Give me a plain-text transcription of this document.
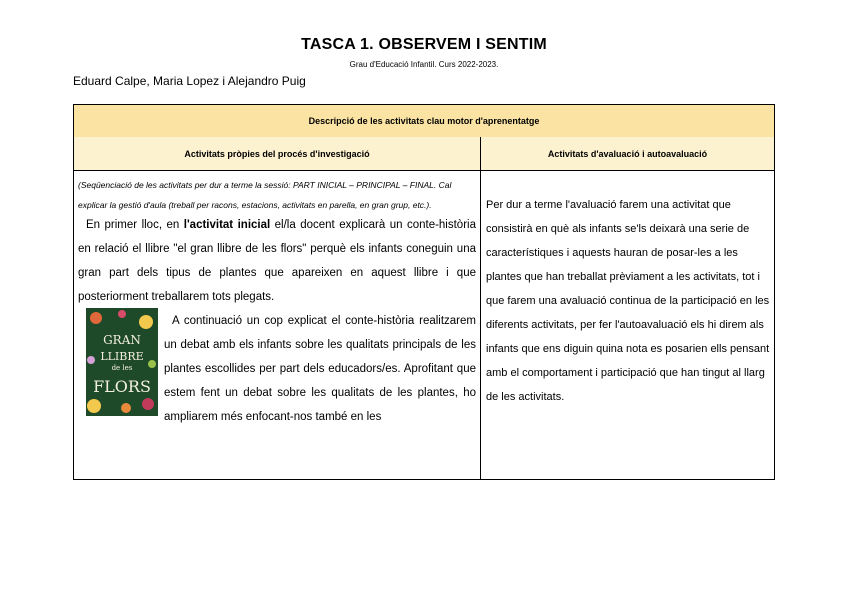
TASCA 1. OBSERVEM I SENTIM
Grau d'Educació Infantil. Curs 2022-2023.
Eduard Calpe, Maria Lopez i Alejandro Puig
Descripció de les activitats clau motor d'aprenentatge
Activitats pròpies del procés d'investigació	Activitats d'avaluació i autoavaluació

(Seqüenciació de les activitats per dur a terme la sessió: PART INICIAL – PRINCIPAL – FINAL. Cal explicar la gestió d'aula (treball per racons, estacions, activitats en parella, en gran grup, etc.).

En primer lloc, en l'activitat inicial el/la docent explicarà un conte-història en relació el llibre "el gran llibre de les flors" perquè els infants coneguin una gran part dels tipus de plantes que apareixen en aquest llibre i que posteriorment treballarem tots plegats.

A continuació un cop explicat el conte-història realitzarem un debat amb els infants sobre les qualitats principals de les plantes escollides per part dels educadors/es. Aprofitant que estem fent un debat sobre les qualitats de les plantes, ho ampliarem més enfocant-nos també en les

Per dur a terme l'avaluació farem una activitat que consistirà en què als infants se'ls deixarà una serie de característiques i aquests hauran de posar-les a les plantes que han treballat prèviament a les activitats, tot i que farem una avaluació continua de la participació en les diferents activitats, per fer l'autoavaluació els hi direm als infants que ens diguin quina nota es posarien ells pensant amb el comportament i participació que han tingut al llarg de les activitats.
GRAN
LLIBRE
de les
FLORS
